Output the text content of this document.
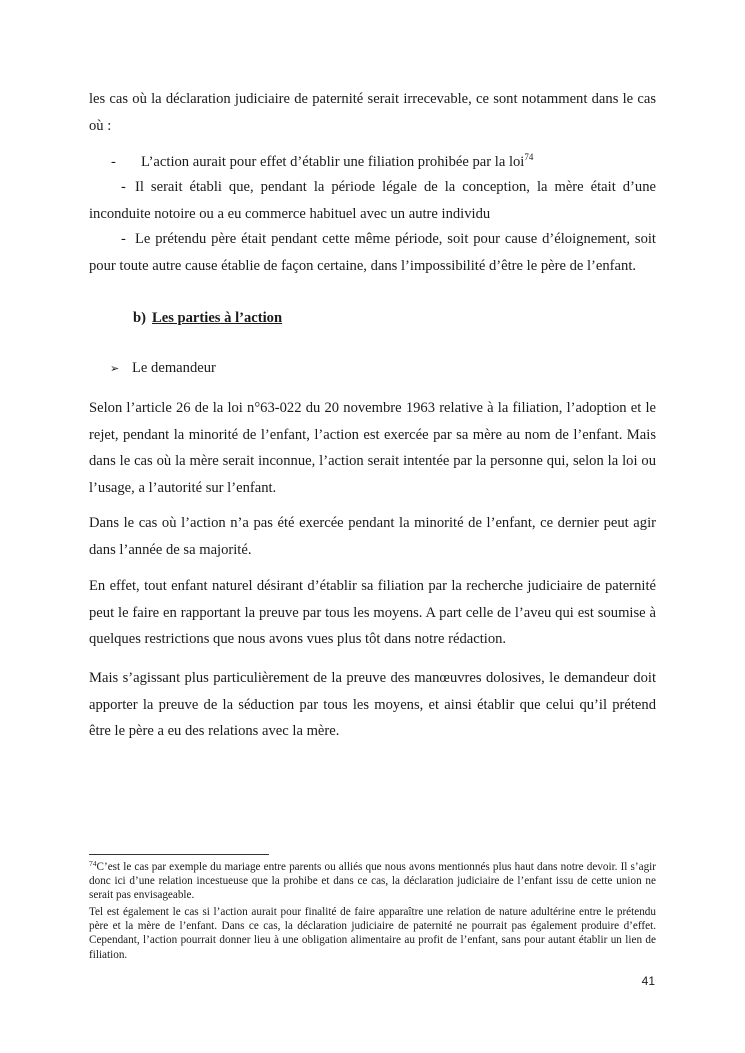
les cas où la déclaration judiciaire de paternité serait irrecevable, ce sont notamment dans le cas où :

- L’action aurait pour effet d’établir une filiation prohibée par la loi$^{74}$

- Il serait établi que, pendant la période légale de la conception, la mère était d’une inconduite notoire ou a eu commerce habituel avec un autre individu

- Le prétendu père était pendant cette même période, soit pour cause d’éloignement, soit pour toute autre cause établie de façon certaine, dans l’impossibilité d’être le père de l’enfant.

b) Les parties à l’action
➢ Le demandeur

Selon l’article 26 de la loi n°63-022 du 20 novembre 1963 relative à la filiation, l’adoption et le rejet, pendant la minorité de l’enfant, l’action est exercée par sa mère au nom de l’enfant. Mais dans le cas où la mère serait inconnue, l’action serait intentée par la personne qui, selon la loi ou l’usage, a l’autorité sur l’enfant.

Dans le cas où l’action n’a pas été exercée pendant la minorité de l’enfant, ce dernier peut agir dans l’année de sa majorité.

En effet, tout enfant naturel désirant d’établir sa filiation par la recherche judiciaire de paternité peut le faire en rapportant la preuve par tous les moyens. A part celle de l’aveu qui est soumise à quelques restrictions que nous avons vues plus tôt dans notre rédaction.

Mais s’agissant plus particulièrement de la preuve des manœuvres dolosives, le demandeur doit apporter la preuve de la séduction par tous les moyens, et ainsi établir que celui qu’il prétend être le père a eu des relations avec la mère.

$^{74}$C’est le cas par exemple du mariage entre parents ou alliés que nous avons mentionnés plus haut dans notre devoir. Il s’agir donc ici d’une relation incestueuse que la prohibe et dans ce cas, la déclaration judiciaire de l’enfant issu de cette union ne serait pas envisageable.

Tel est également le cas si l’action aurait pour finalité de faire apparaître une relation de nature adultérine entre le prétendu père et la mère de l’enfant. Dans ce cas, la déclaration judiciaire de paternité ne pourrait pas également produire d’effet. Cependant, l’action pourrait donner lieu à une obligation alimentaire au profit de l’enfant, sans pour autant établir un lien de filiation.

41
